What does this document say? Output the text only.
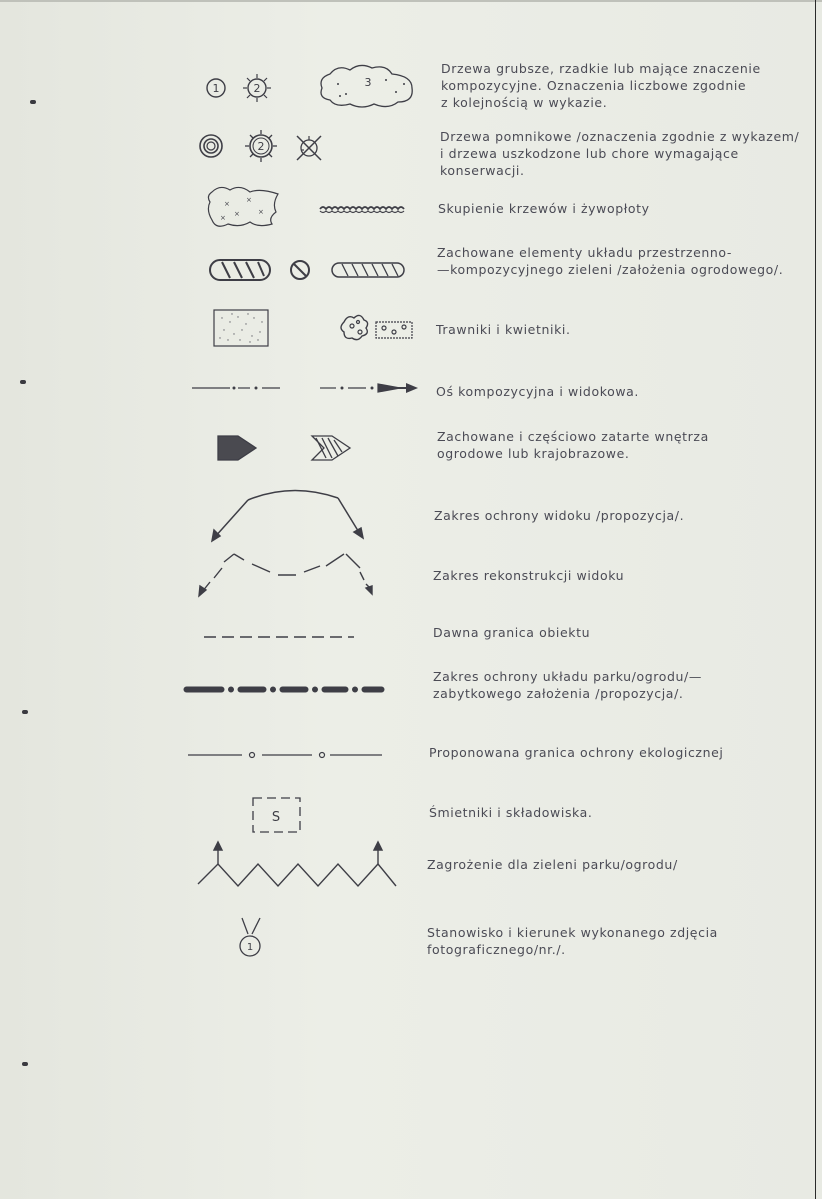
1	2	3
Drzewa grubsze, rzadkie lub mające znaczenie
kompozycyjne. Oznaczenia liczbowe zgodnie
z kolejnością w wykazie.
2
Drzewa pomnikowe /oznaczenia zgodnie z wykazem/
i drzewa uszkodzone lub chore wymagające
konserwacji.
× ×
×	×
×
Skupienie krzewów i żywopłoty
Zachowane elementy układu przestrzenno-
—kompozycyjnego zieleni /założenia ogrodowego/.
Trawniki i kwietniki.
Oś kompozycyjna i widokowa.
Zachowane i częściowo zatarte wnętrza
ogrodowe lub krajobrazowe.
Zakres ochrony widoku /propozycja/.
Zakres rekonstrukcji widoku
Dawna granica obiektu
Zakres ochrony układu parku/ogrodu/—
zabytkowego założenia /propozycja/.
Proponowana granica ochrony ekologicznej
S	Śmietniki i składowiska.
Zagrożenie dla zieleni parku/ogrodu/
1
Stanowisko i kierunek wykonanego zdjęcia
fotograficznego/nr./.
